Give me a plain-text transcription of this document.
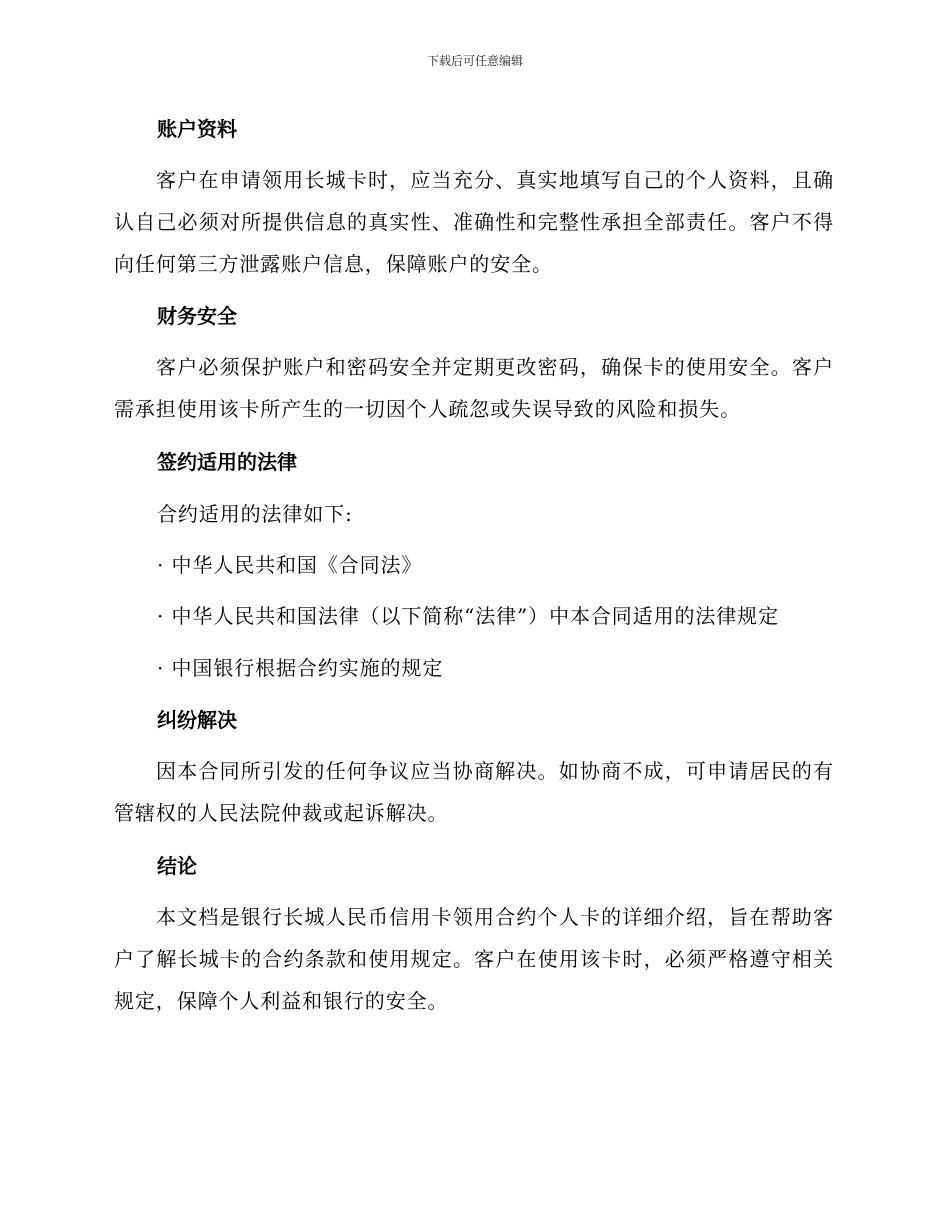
下载后可任意编辑
账户资料
客户在申请领用长城卡时，应当充分、真实地填写自己的个人资料，且确认自己必须对所提供信息的真实性、准确性和完整性承担全部责任。客户不得向任何第三方泄露账户信息，保障账户的安全。
财务安全
客户必须保护账户和密码安全并定期更改密码，确保卡的使用安全。客户需承担使用该卡所产生的一切因个人疏忽或失误导致的风险和损失。
签约适用的法律
合约适用的法律如下:
· 中华人民共和国《合同法》
· 中华人民共和国法律（以下简称“法律”）中本合同适用的法律规定
· 中国银行根据合约实施的规定
纠纷解决
因本合同所引发的任何争议应当协商解决。如协商不成，可申请居民的有管辖权的人民法院仲裁或起诉解决。
结论
本文档是银行长城人民币信用卡领用合约个人卡的详细介绍，旨在帮助客户了解长城卡的合约条款和使用规定。客户在使用该卡时，必须严格遵守相关规定，保障个人利益和银行的安全。
